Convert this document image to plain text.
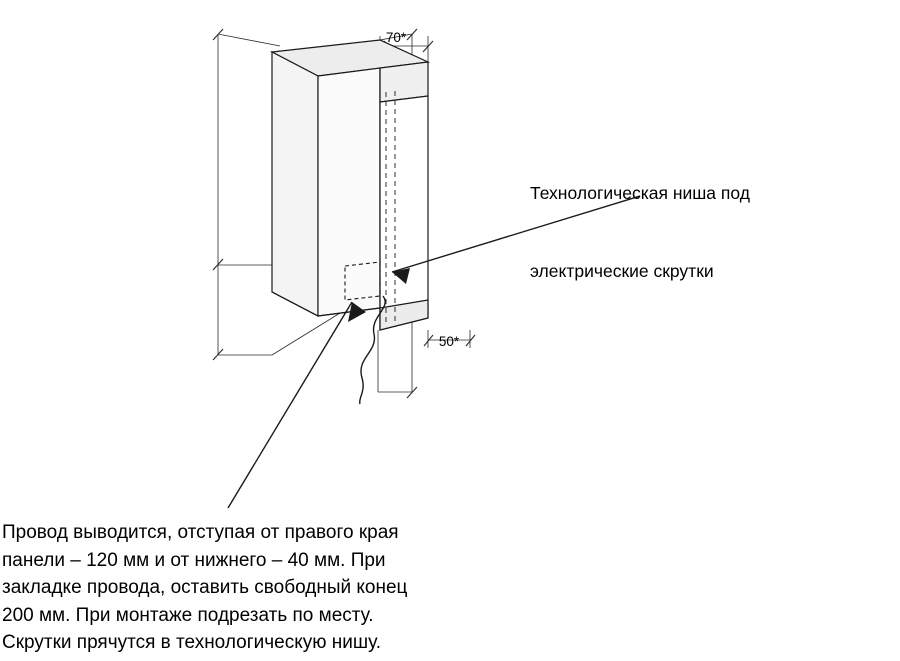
70*
50*

Технологическая ниша под

электрические скрутки

Провод выводится, отступая от правого края
панели – 120 мм и от нижнего – 40 мм. При
закладке провода, оставить свободный конец
200 мм. При монтаже подрезать по месту.
Скрутки прячутся в технологическую нишу.
